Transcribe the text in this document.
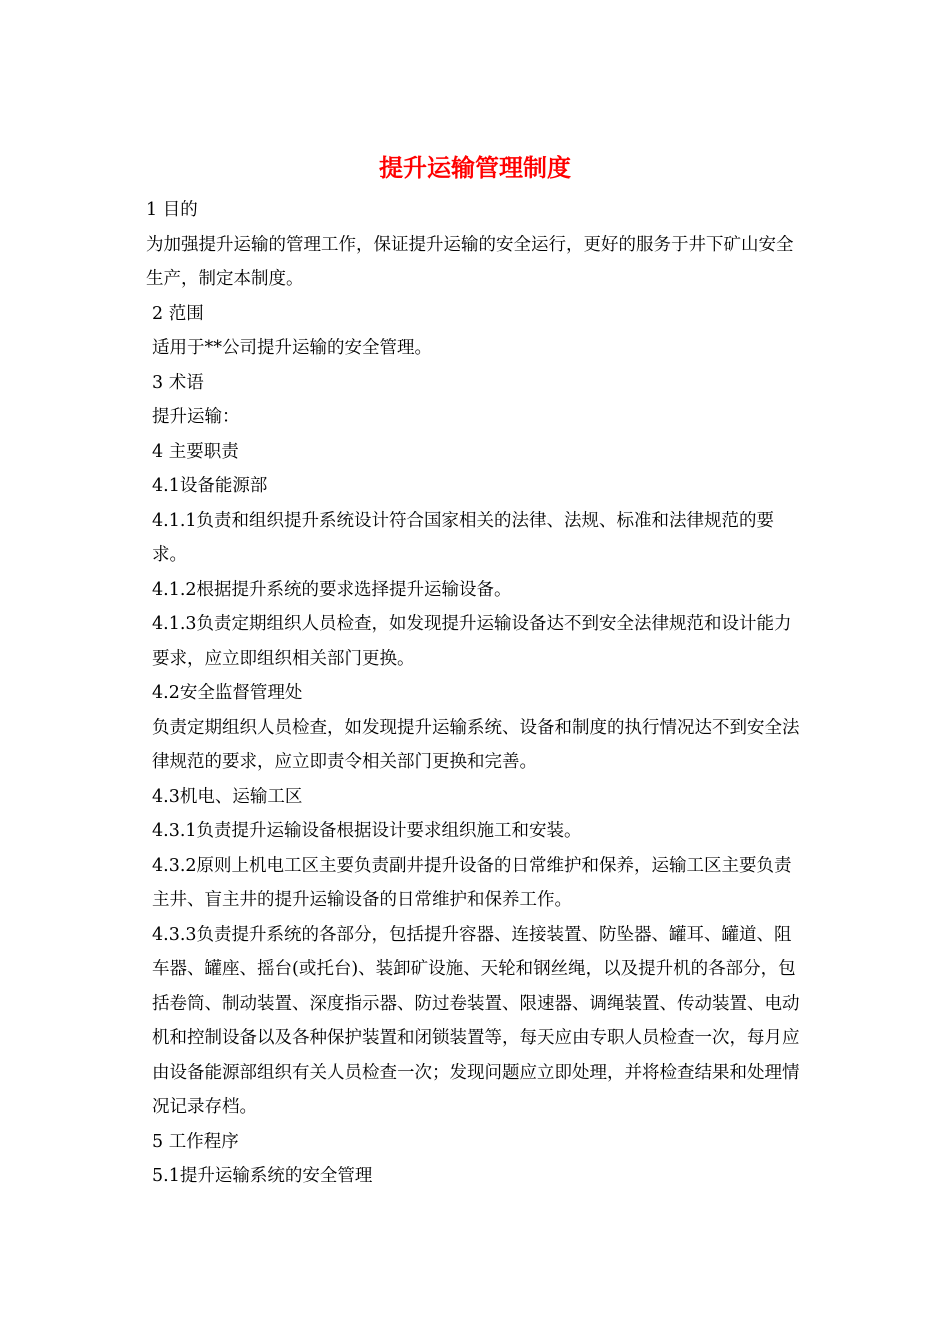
提升运输管理制度

1 目的

为加强提升运输的管理工作，保证提升运输的安全运行，更好的服务于井下矿山安全生产，制定本制度。

2 范围

适用于**公司提升运输的安全管理。

3 术语

提升运输：

4 主要职责

4.1设备能源部

4.1.1负责和组织提升系统设计符合国家相关的法律、法规、标准和法律规范的要求。

4.1.2根据提升系统的要求选择提升运输设备。

4.1.3负责定期组织人员检查，如发现提升运输设备达不到安全法律规范和设计能力要求，应立即组织相关部门更换。

4.2安全监督管理处

负责定期组织人员检查，如发现提升运输系统、设备和制度的执行情况达不到安全法律规范的要求，应立即责令相关部门更换和完善。

4.3机电、运输工区

4.3.1负责提升运输设备根据设计要求组织施工和安装。

4.3.2原则上机电工区主要负责副井提升设备的日常维护和保养，运输工区主要负责主井、盲主井的提升运输设备的日常维护和保养工作。

4.3.3负责提升系统的各部分，包括提升容器、连接装置、防坠器、罐耳、罐道、阻车器、罐座、摇台(或托台)、装卸矿设施、天轮和钢丝绳，以及提升机的各部分，包括卷筒、制动装置、深度指示器、防过卷装置、限速器、调绳装置、传动装置、电动机和控制设备以及各种保护装置和闭锁装置等，每天应由专职人员检查一次，每月应由设备能源部组织有关人员检查一次；发现问题应立即处理，并将检查结果和处理情况记录存档。

5 工作程序

5.1提升运输系统的安全管理
